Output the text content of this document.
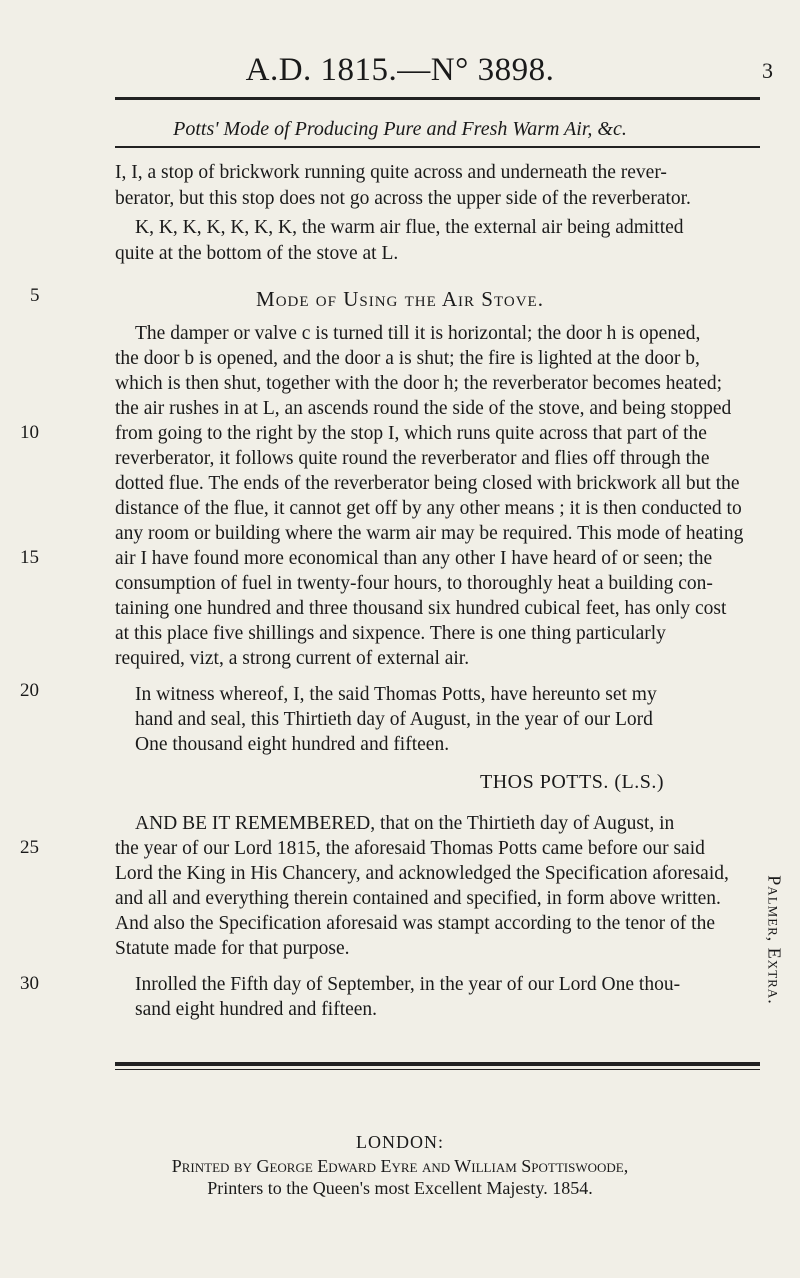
A.D. 1815.—N° 3898.	3
Potts' Mode of Producing Pure and Fresh Warm Air, &c.
I, I, a stop of brickwork running quite across and underneath the rever-
berator, but this stop does not go across the upper side of the reverberator.
K, K, K, K, K, K, K, the warm air flue, the external air being admitted
quite at the bottom of the stove at L.
Mode of Using the Air Stove.
The damper or valve c is turned till it is horizontal; the door h is opened,
the door b is opened, and the door a is shut; the fire is lighted at the door b,
which is then shut, together with the door h; the reverberator becomes heated;
the air rushes in at L, an ascends round the side of the stove, and being stopped
from going to the right by the stop I, which runs quite across that part of the
reverberator, it follows quite round the reverberator and flies off through the
dotted flue. The ends of the reverberator being closed with brickwork all but the
distance of the flue, it cannot get off by any other means ; it is then conducted to
any room or building where the warm air may be required. This mode of heating
air I have found more economical than any other I have heard of or seen; the
consumption of fuel in twenty-four hours, to thoroughly heat a building con-
taining one hundred and three thousand six hundred cubical feet, has only cost
at this place five shillings and sixpence. There is one thing particularly
required, vizt, a strong current of external air.
In witness whereof, I, the said Thomas Potts, have hereunto set my
hand and seal, this Thirtieth day of August, in the year of our Lord
One thousand eight hundred and fifteen.
THOS POTTS. (L.S.)
AND BE IT REMEMBERED, that on the Thirtieth day of August, in
the year of our Lord 1815, the aforesaid Thomas Potts came before our said
Lord the King in His Chancery, and acknowledged the Specification aforesaid,
and all and everything therein contained and specified, in form above written.
And also the Specification aforesaid was stampt according to the tenor of the
Statute made for that purpose.
Inrolled the Fifth day of September, in the year of our Lord One thou-
sand eight hundred and fifteen.
5
10
15
20
25
30	Palmer, Extra.
LONDON:
Printed by George Edward Eyre and William Spottiswoode,
Printers to the Queen's most Excellent Majesty. 1854.
